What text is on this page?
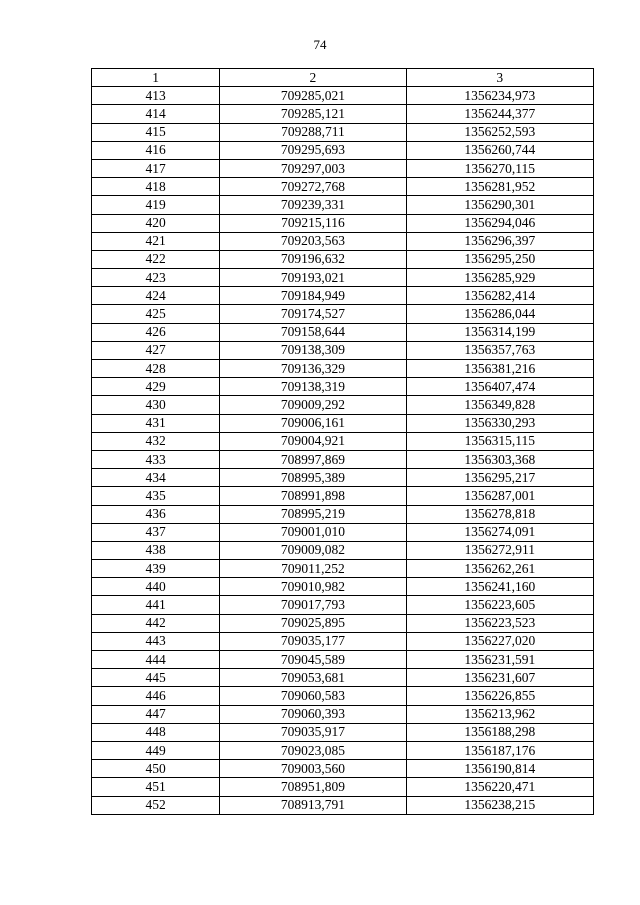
74
1	2	3
413	709285,021	1356234,973
414	709285,121	1356244,377
415	709288,711	1356252,593
416	709295,693	1356260,744
417	709297,003	1356270,115
418	709272,768	1356281,952
419	709239,331	1356290,301
420	709215,116	1356294,046
421	709203,563	1356296,397
422	709196,632	1356295,250
423	709193,021	1356285,929
424	709184,949	1356282,414
425	709174,527	1356286,044
426	709158,644	1356314,199
427	709138,309	1356357,763
428	709136,329	1356381,216
429	709138,319	1356407,474
430	709009,292	1356349,828
431	709006,161	1356330,293
432	709004,921	1356315,115
433	708997,869	1356303,368
434	708995,389	1356295,217
435	708991,898	1356287,001
436	708995,219	1356278,818
437	709001,010	1356274,091
438	709009,082	1356272,911
439	709011,252	1356262,261
440	709010,982	1356241,160
441	709017,793	1356223,605
442	709025,895	1356223,523
443	709035,177	1356227,020
444	709045,589	1356231,591
445	709053,681	1356231,607
446	709060,583	1356226,855
447	709060,393	1356213,962
448	709035,917	1356188,298
449	709023,085	1356187,176
450	709003,560	1356190,814
451	708951,809	1356220,471
452	708913,791	1356238,215
